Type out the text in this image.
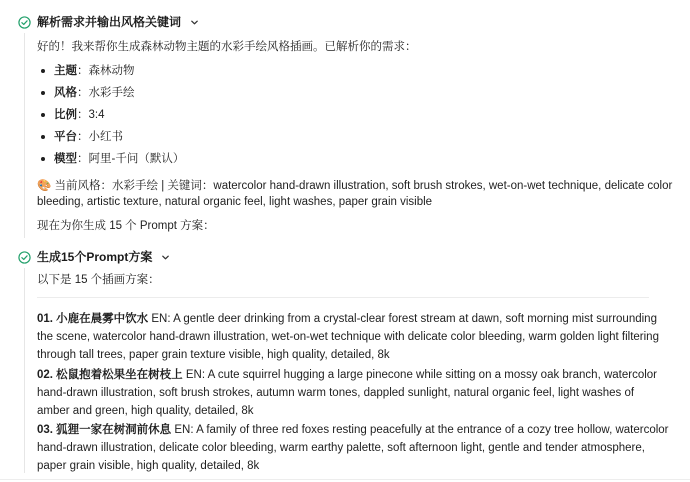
解析需求并输出风格关键词
好的！我来帮你生成森林动物主题的水彩手绘风格插画。已解析你的需求：
主题 ： 森林动物
风格 ： 水彩手绘
比例 ： 3:4
平台 ： 小红书
模型 ： 阿里-千问（默认）
🎨 当前风格：水彩手绘 | 关键词：watercolor hand-drawn illustration, soft brush strokes, wet-on-wet technique, delicate color
bleeding, artistic texture, natural organic feel, light washes, paper grain visible
现在为你生成 15 个 Prompt 方案：
生成15个Prompt方案
以下是 15 个插画方案：
01. 小鹿在晨雾中饮水 EN: A gentle deer drinking from a crystal-clear forest stream at dawn, soft morning mist surrounding
the scene, watercolor hand-drawn illustration, wet-on-wet technique with delicate color bleeding, warm golden light filtering
through tall trees, paper grain texture visible, high quality, detailed, 8k
02. 松鼠抱着松果坐在树枝上 EN: A cute squirrel hugging a large pinecone while sitting on a mossy oak branch, watercolor
hand-drawn illustration, soft brush strokes, autumn warm tones, dappled sunlight, natural organic feel, light washes of
amber and green, high quality, detailed, 8k
03. 狐狸一家在树洞前休息 EN: A family of three red foxes resting peacefully at the entrance of a cozy tree hollow, watercolor
hand-drawn illustration, delicate color bleeding, warm earthy palette, soft afternoon light, gentle and tender atmosphere,
paper grain visible, high quality, detailed, 8k
